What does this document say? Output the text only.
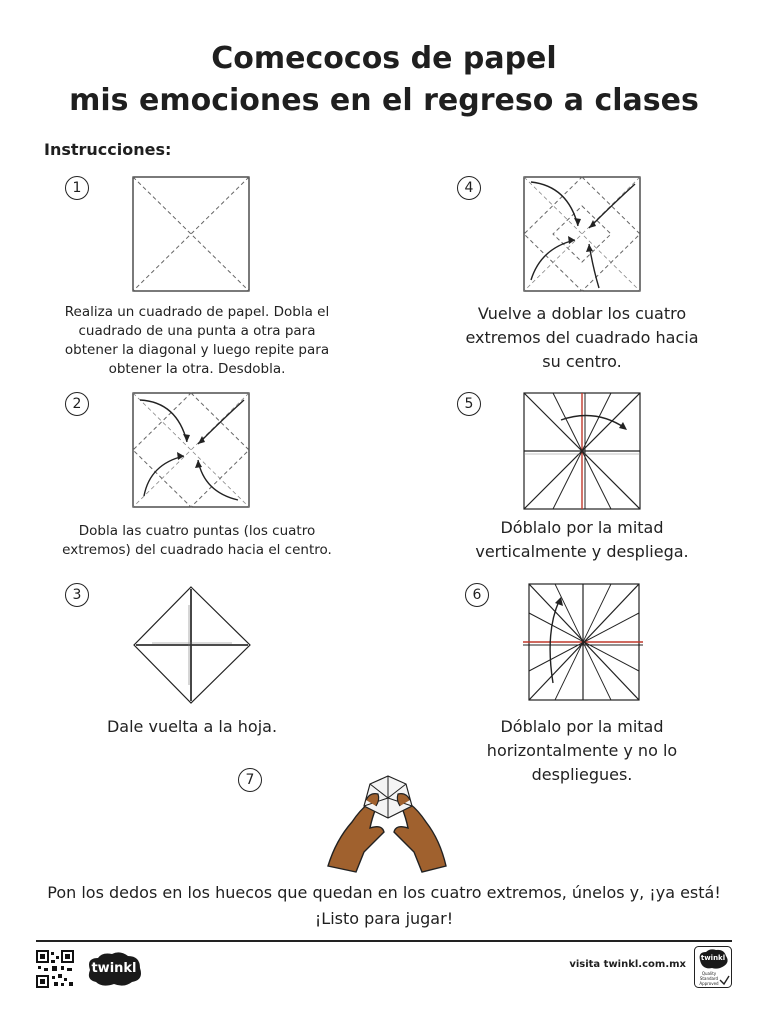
Comecocos de papel
mis emociones en el regreso a clases
Instrucciones:
1
Realiza un cuadrado de papel. Dobla el cuadrado de una punta a otra para obtener la diagonal y luego repite para obtener la otra. Desdobla.
2
Dobla las cuatro puntas (los cuatro extremos) del cuadrado hacia el centro.
3
Dale vuelta a la hoja.
4
Vuelve a doblar los cuatro extremos del cuadrado hacia su centro.
5
Dóblalo por la mitad verticalmente y despliega.
6
Dóblalo por la mitad horizontalmente y no lo despliegues.
7
Pon los dedos en los huecos que quedan en los cuatro extremos, únelos y, ¡ya está! ¡Listo para jugar!
twinkl	visita twinkl.com.mx
twinkl
Quality Standard Approved
